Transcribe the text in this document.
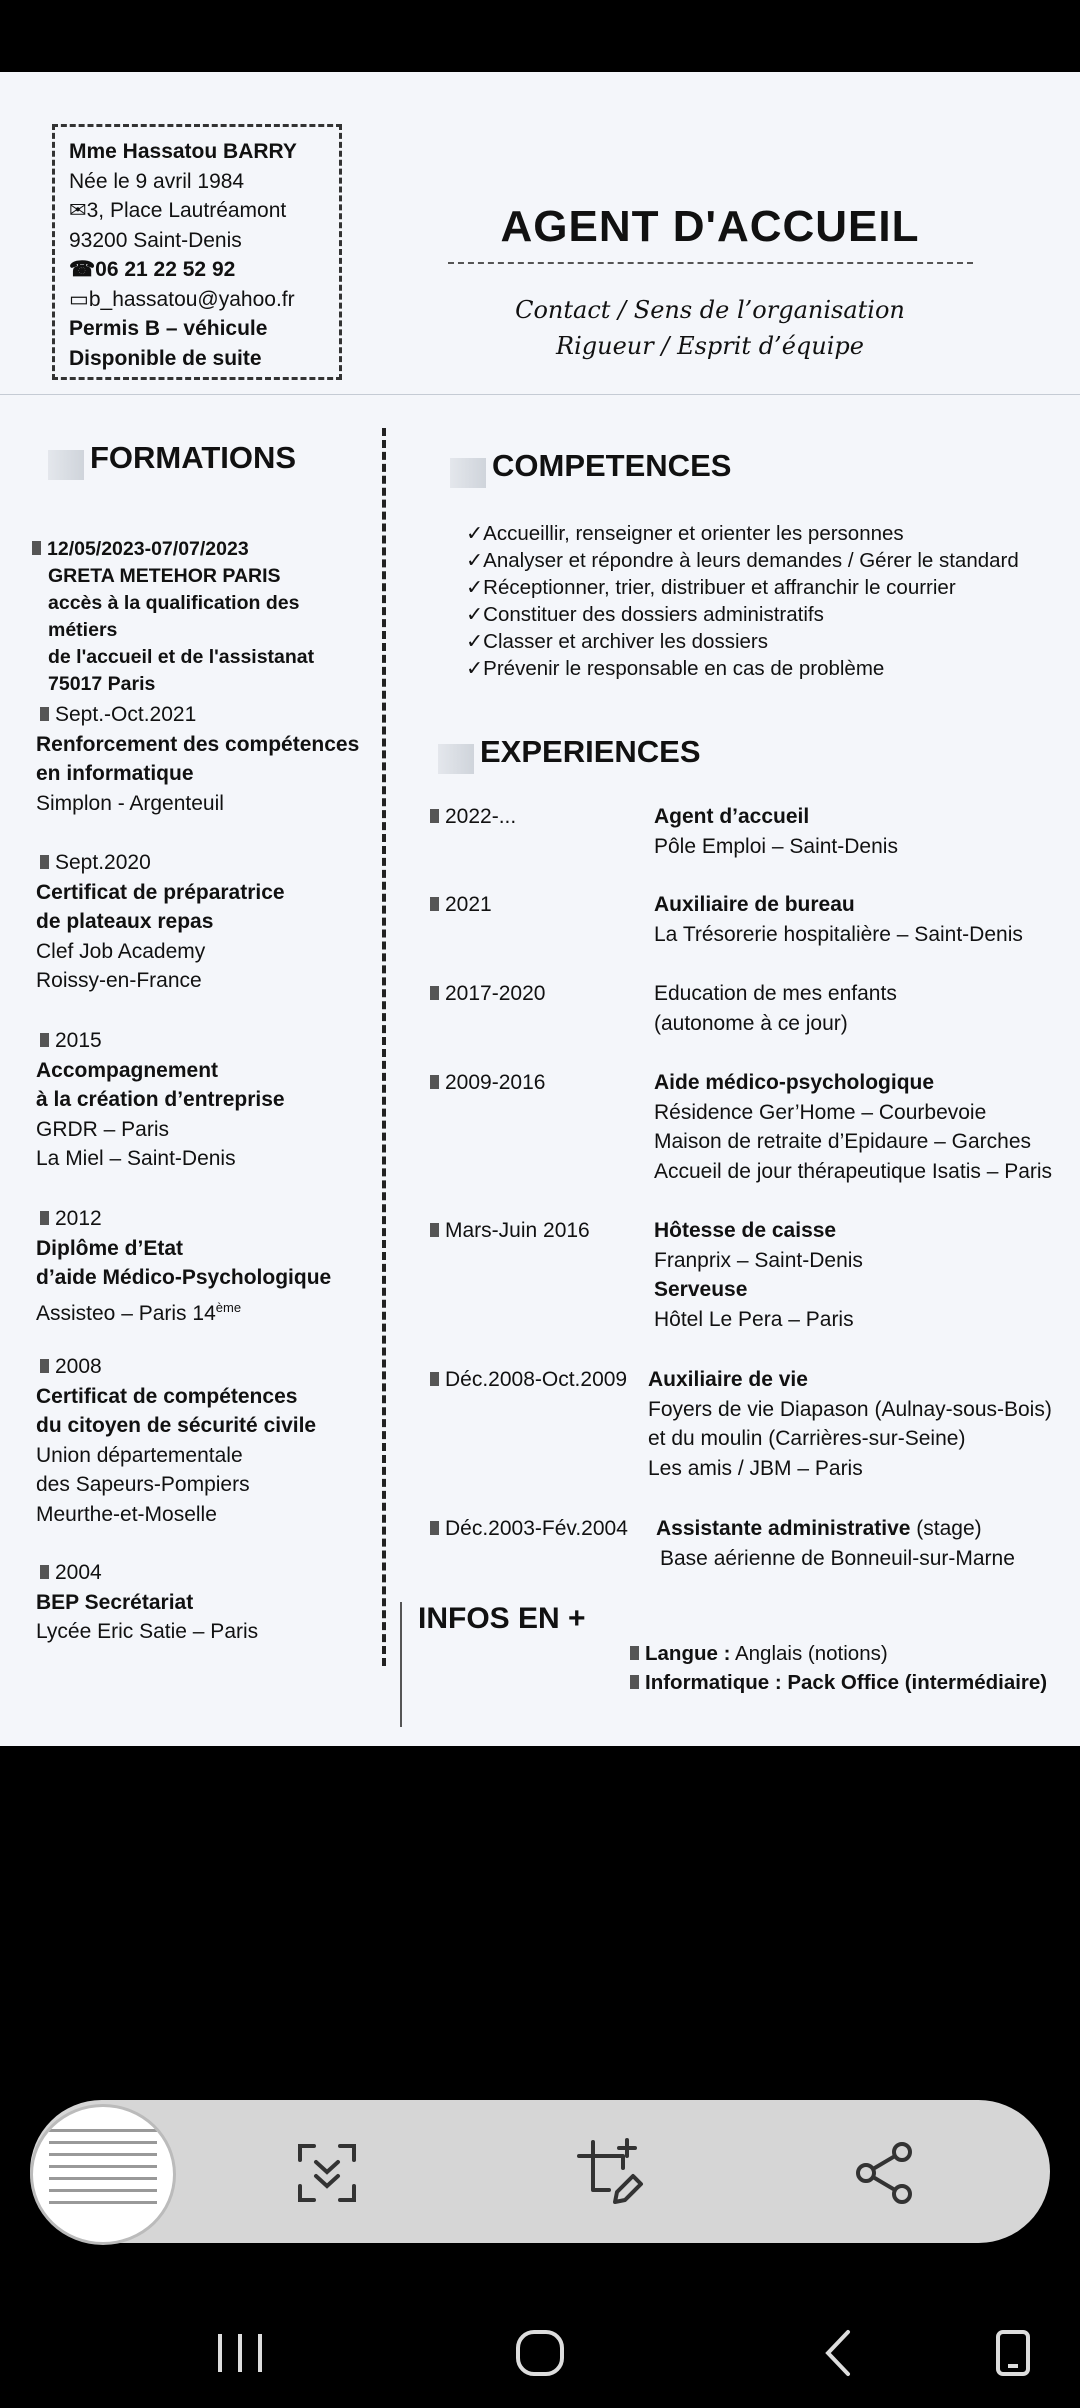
Mme Hassatou BARRY
Née le 9 avril 1984
✉3, Place Lautréamont
93200 Saint-Denis
☎06 21 22 52 92
▭b_hassatou@yahoo.fr
Permis B – véhicule
Disponible de suite
AGENT D'ACCUEIL
Contact / Sens de l’organisation
Rigueur / Esprit d’équipe
FORMATIONS
12/05/2023-07/07/2023
GRETA METEHOR PARIS
accès à la qualification des métiers
de l'accueil et de l'assistanat
75017 Paris
Sept.-Oct.2021
Renforcement des compétences
en informatique
Simplon - Argenteuil
Sept.2020
Certificat de préparatrice
de plateaux repas
Clef Job Academy
Roissy-en-France
2015
Accompagnement
à la création d’entreprise
GRDR – Paris
La Miel – Saint-Denis
2012
Diplôme d’Etat
d’aide Médico-Psychologique
Assisteo – Paris 14ème
2008
Certificat de compétences
du citoyen de sécurité civile
Union départementale
des Sapeurs-Pompiers
Meurthe-et-Moselle
2004
BEP Secrétariat
Lycée Eric Satie – Paris
COMPETENCES
✓Accueillir, renseigner et orienter les personnes
✓Analyser et répondre à leurs demandes / Gérer le standard
✓Réceptionner, trier, distribuer et affranchir le courrier
✓Constituer des dossiers administratifs
✓Classer et archiver les dossiers
✓Prévenir le responsable en cas de problème
EXPERIENCES
2022-...	Agent d’accueil
Pôle Emploi – Saint-Denis
2021	Auxiliaire de bureau
La Trésorerie hospitalière – Saint-Denis
2017-2020	Education de mes enfants
(autonome à ce jour)
2009-2016	Aide médico-psychologique
Résidence Ger’Home – Courbevoie
Maison de retraite d’Epidaure – Garches
Accueil de jour thérapeutique Isatis – Paris
Mars-Juin 2016	Hôtesse de caisse
Franprix – Saint-Denis
Serveuse
Hôtel Le Pera – Paris
Déc.2008-Oct.2009 Auxiliaire de vie
Foyers de vie Diapason (Aulnay-sous-Bois)
et du moulin (Carrières-sur-Seine)
Les amis / JBM – Paris
Déc.2003-Fév.2004 Assistante administrative (stage)
Base aérienne de Bonneuil-sur-Marne
INFOS EN +
Langue : Anglais (notions)
Informatique : Pack Office (intermédiaire)
